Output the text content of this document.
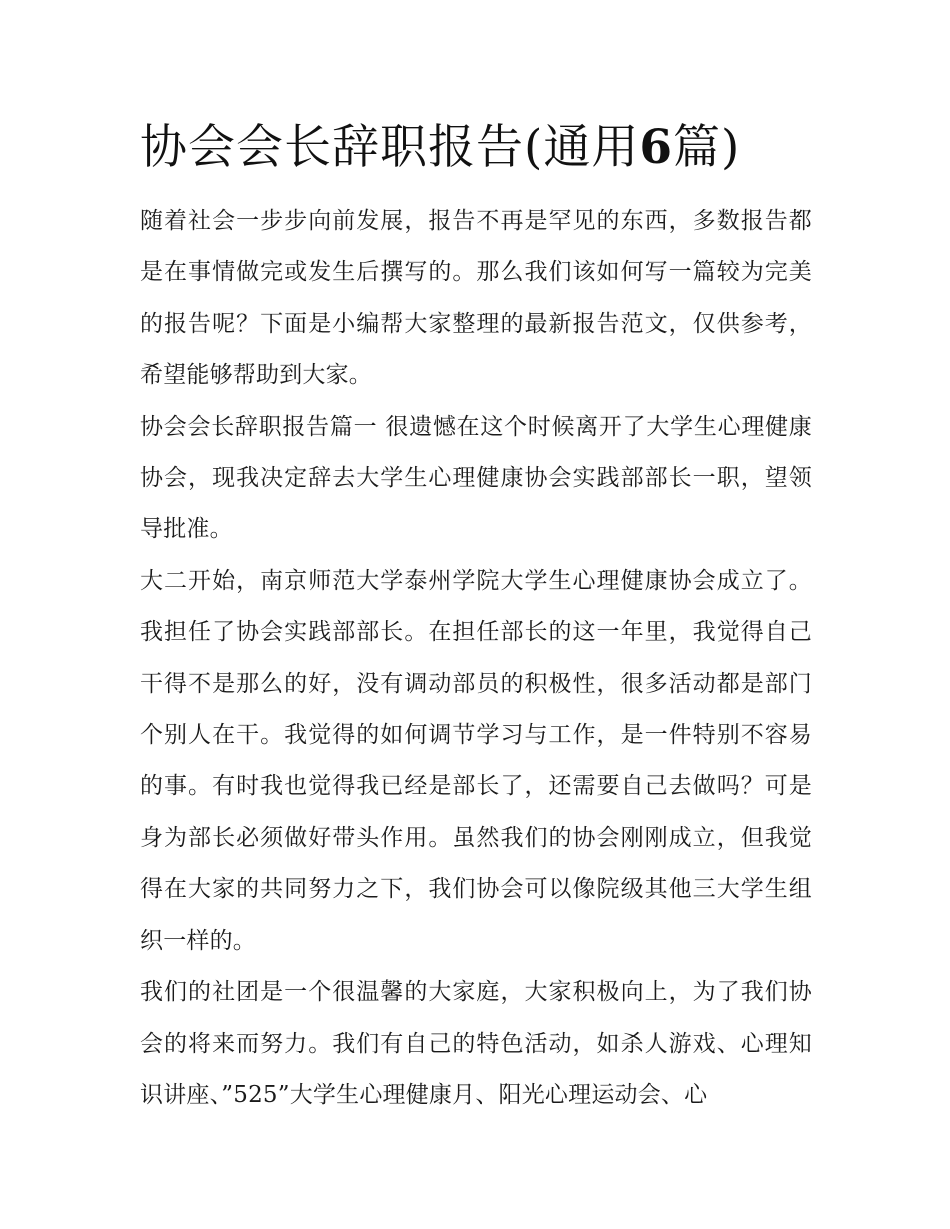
协会会长辞职报告(通用6篇)

随着社会一步步向前发展，报告不再是罕见的东西，多数报告都是在事情做完或发生后撰写的。那么我们该如何写一篇较为完美的报告呢？下面是小编帮大家整理的最新报告范文，仅供参考，希望能够帮助到大家。

协会会长辞职报告篇一 很遗憾在这个时候离开了大学生心理健康协会，现我决定辞去大学生心理健康协会实践部部长一职，望领导批准。

大二开始，南京师范大学泰州学院大学生心理健康协会成立了。我担任了协会实践部部长。在担任部长的这一年里，我觉得自己干得不是那么的好，没有调动部员的积极性，很多活动都是部门个别人在干。我觉得的如何调节学习与工作，是一件特别不容易的事。有时我也觉得我已经是部长了，还需要自己去做吗？可是身为部长必须做好带头作用。虽然我们的协会刚刚成立，但我觉得在大家的共同努力之下，我们协会可以像院级其他三大学生组织一样的。

我们的社团是一个很温馨的大家庭，大家积极向上，为了我们协会的将来而努力。我们有自己的特色活动，如杀人游戏、心理知识讲座、”525”大学生心理健康月、阳光心理运动会、心
